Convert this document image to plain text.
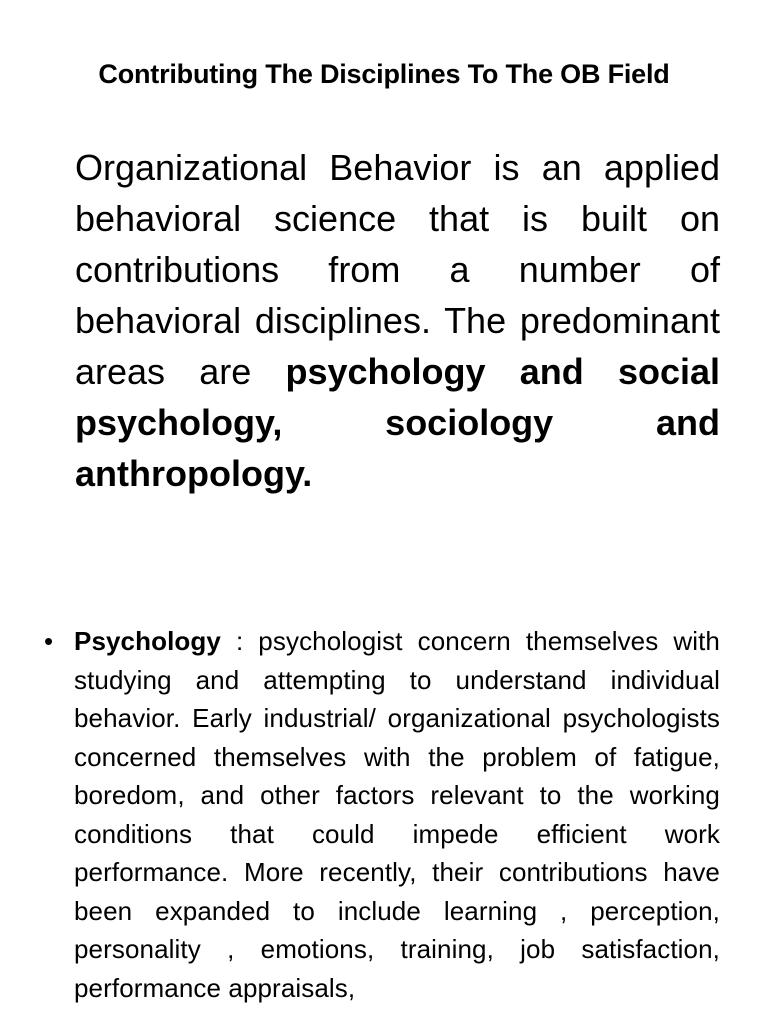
Contributing The Disciplines To The OB Field
Organizational Behavior is an applied behavioral science that is built on contributions from a number of behavioral disciplines. The predominant areas are psychology and social psychology, sociology and anthropology.
• Psychology : psychologist concern themselves with studying and attempting to understand individual behavior. Early industrial/ organizational psychologists concerned themselves with the problem of fatigue, boredom, and other factors relevant to the working conditions that could impede efficient work performance. More recently, their contributions have been expanded to include learning , perception, personality , emotions, training, job satisfaction, performance appraisals,
